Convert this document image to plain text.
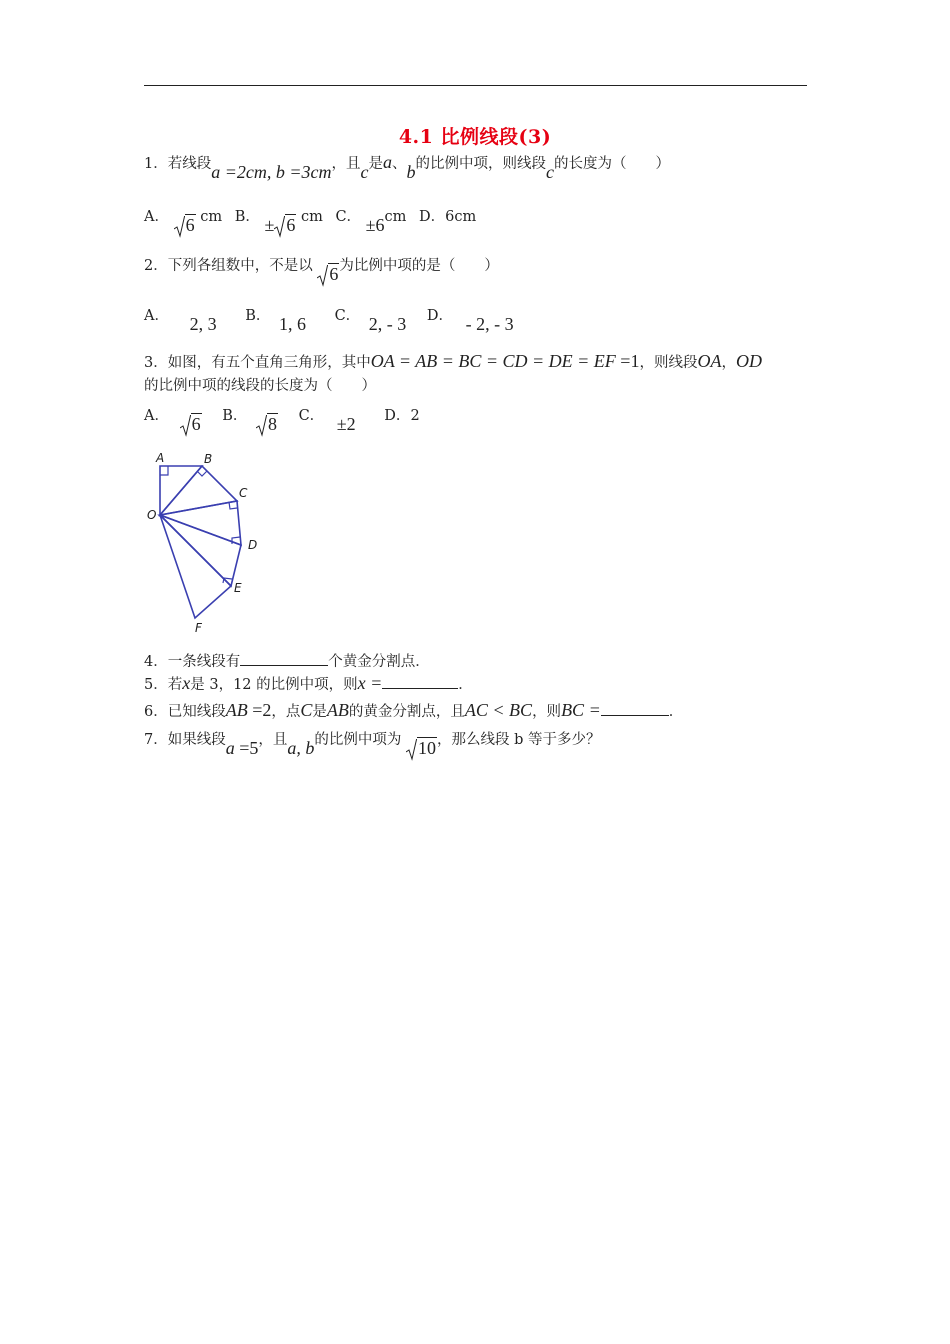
4.1 比例线段(3)
1．若线段a =2cm, b =3cm，且c是a、b的比例中项，则线段c的长度为（　　）
A． 6 cm B． ± 6 cm C． ±6cm D．6cm
2．下列各组数中，不是以 6为比例中项的是（　　）
A． 2, 3 B． 1, 6 C． 2, - 3 D． - 2, - 3
3．如图，有五个直角三角形，其中OA = AB = BC = CD = DE = EF =1，则线段OA，OD
的比例中项的线段的长度为（　　）
A． 6 B． 8 C． ±2 D．2
A	B
C
O
D
E
F
4．一条线段有	个黄金分割点．
5．若x是 3，12 的比例中项，则x =	．
6．已知线段AB =2，点C是AB的黄金分割点，且AC < BC，则BC =	．
7．如果线段a =5，且a, b的比例中项为 10，那么线段 b 等于多少？
